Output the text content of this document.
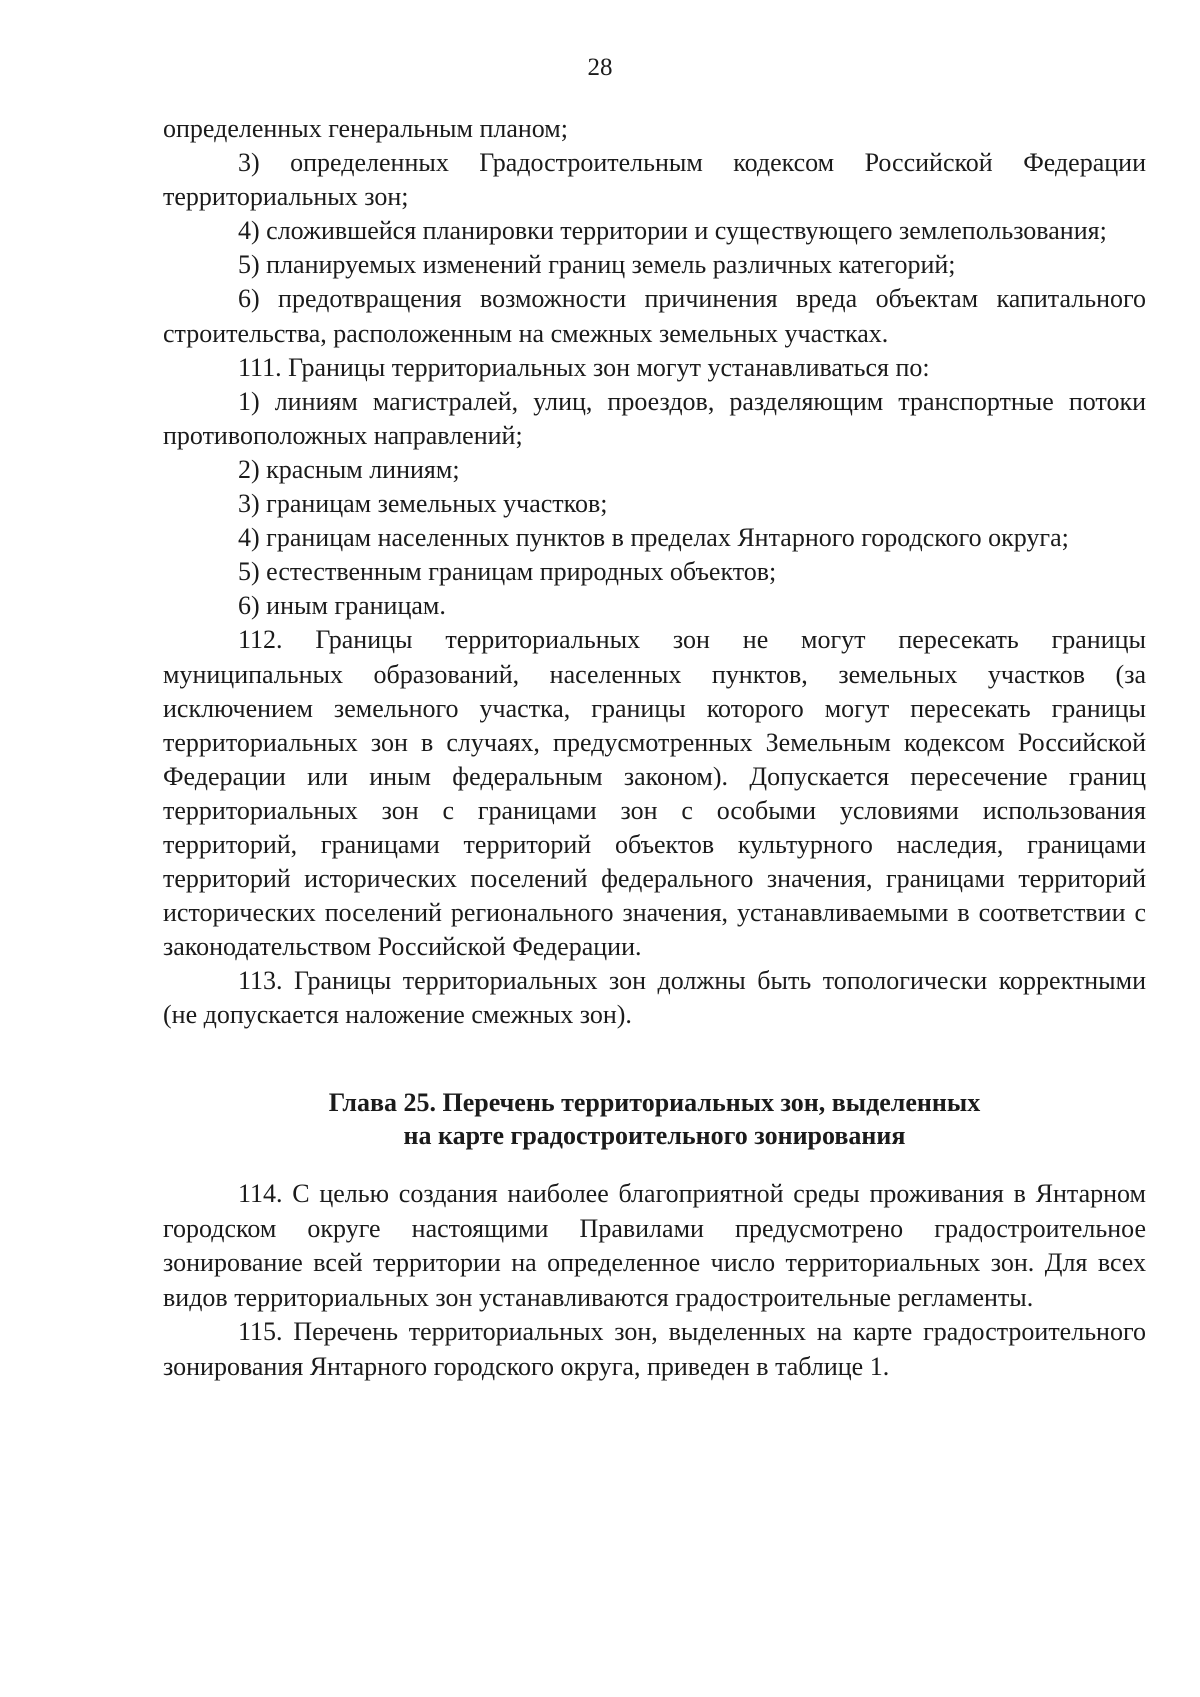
28

определенных генеральным планом;

3) определенных Градостроительным кодексом Российской Федерации территориальных зон;

4) сложившейся планировки территории и существующего землепользования;

5) планируемых изменений границ земель различных категорий;

6) предотвращения возможности причинения вреда объектам капитального строительства, расположенным на смежных земельных участках.

111. Границы территориальных зон могут устанавливаться по:

1) линиям магистралей, улиц, проездов, разделяющим транспортные потоки противоположных направлений;

2) красным линиям;

3) границам земельных участков;

4) границам населенных пунктов в пределах Янтарного городского округа;

5) естественным границам природных объектов;

6) иным границам.

112. Границы территориальных зон не могут пересекать границы муниципальных образований, населенных пунктов, земельных участков (за исключением земельного участка, границы которого могут пересекать границы территориальных зон в случаях, предусмотренных Земельным кодексом Российской Федерации или иным федеральным законом). Допускается пересечение границ территориальных зон с границами зон с особыми условиями использования территорий, границами территорий объектов культурного наследия, границами территорий исторических поселений федерального значения, границами территорий исторических поселений регионального значения, устанавливаемыми в соответствии с законодательством Российской Федерации.

113. Границы территориальных зон должны быть топологически корректными (не допускается наложение смежных зон).

Глава 25. Перечень территориальных зон, выделенных
на карте градостроительного зонирования

114. С целью создания наиболее благоприятной среды проживания в Янтарном городском округе настоящими Правилами предусмотрено градостроительное зонирование всей территории на определенное число территориальных зон. Для всех видов территориальных зон устанавливаются градостроительные регламенты.

115. Перечень территориальных зон, выделенных на карте градостроительного зонирования Янтарного городского округа, приведен в таблице 1.
